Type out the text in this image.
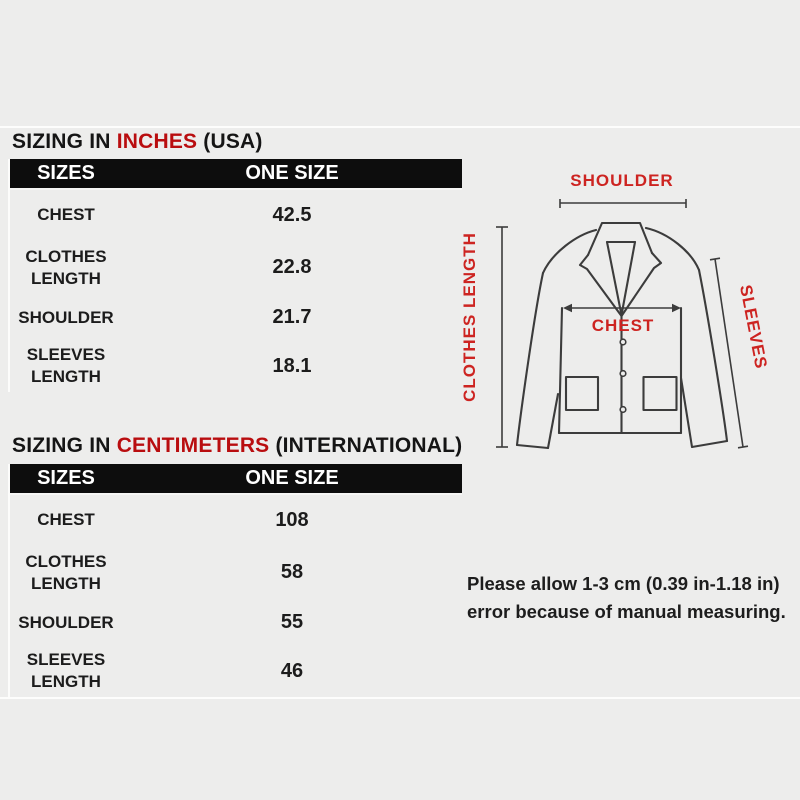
SIZING IN INCHES (USA)
SIZES	ONE SIZE
CHEST	42.5
CLOTHES LENGTH	22.8
SHOULDER	21.7
SLEEVES LENGTH	18.1
SIZING IN CENTIMETERS (INTERNATIONAL)
SIZES	ONE SIZE
CHEST	108
CLOTHES LENGTH	58
SHOULDER	55
SLEEVES LENGTH	46
SHOULDER
CLOTHES LENGTH	CHEST	SLEEVES
Please allow 1-3 cm (0.39 in-1.18 in)
error because of manual measuring.
